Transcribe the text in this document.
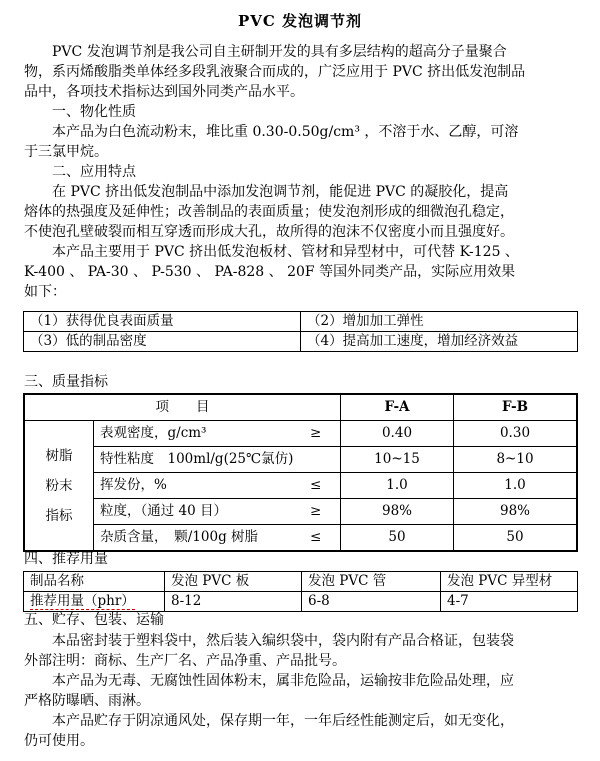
PVC 发泡调节剂
PVC 发泡调节剂是我公司自主研制开发的具有多层结构的超高分子量聚合
物，系丙烯酸脂类单体经多段乳液聚合而成的，广泛应用于 PVC 挤出低发泡制品
品中，各项技术指标达到国外同类产品水平。
一、物化性质
本产品为白色流动粉末，堆比重 0.30-0.50g/cm³ ，不溶于水、乙醇，可溶
于三氯甲烷。
二、应用特点
在 PVC 挤出低发泡制品中添加发泡调节剂，能促进 PVC 的凝胶化，提高
熔体的热强度及延伸性；改善制品的表面质量；使发泡剂形成的细微泡孔稳定，
不使泡孔壁破裂而相互穿透而形成大孔，故所得的泡沫不仅密度小而且强度好。
本产品主要用于 PVC 挤出低发泡板材、管材和异型材中，可代替 K-125 、
K-400 、 PA-30 、 P-530 、 PA-828 、 20F 等国外同类产品，实际应用效果
如下：
（1）获得优良表面质量	（2）增加加工弹性
（3）低的制品密度	（4）提高加工速度，增加经济效益
三、质量指标
项　　目			F-A	F-B

树脂
粉末
指标	表观密度，g/cm³	≥	0.40	0.30
	特性粘度　100ml/g(25℃氯仿)		10~15	8~10
	挥发份，%	≤	1.0	1.0
	粒度，（通过 40 目）	≥	98%	98%
	杂质含量，　颗/100g 树脂	≤	50	50
四、推荐用量
制品名称	发泡 PVC 板	发泡 PVC 管	发泡 PVC 异型材
推荐用量（phr）	8-12	6-8	4-7
五、贮存、包装、运输
本品密封装于塑料袋中，然后装入编织袋中，袋内附有产品合格证，包装袋
外部注明：商标、生产厂名、产品净重、产品批号。
本产品为无毒、无腐蚀性固体粉末，属非危险品，运输按非危险品处理，应
严格防曝晒、雨淋。
本产品贮存于阴凉通风处，保存期一年，一年后经性能测定后，如无变化，
仍可使用。
